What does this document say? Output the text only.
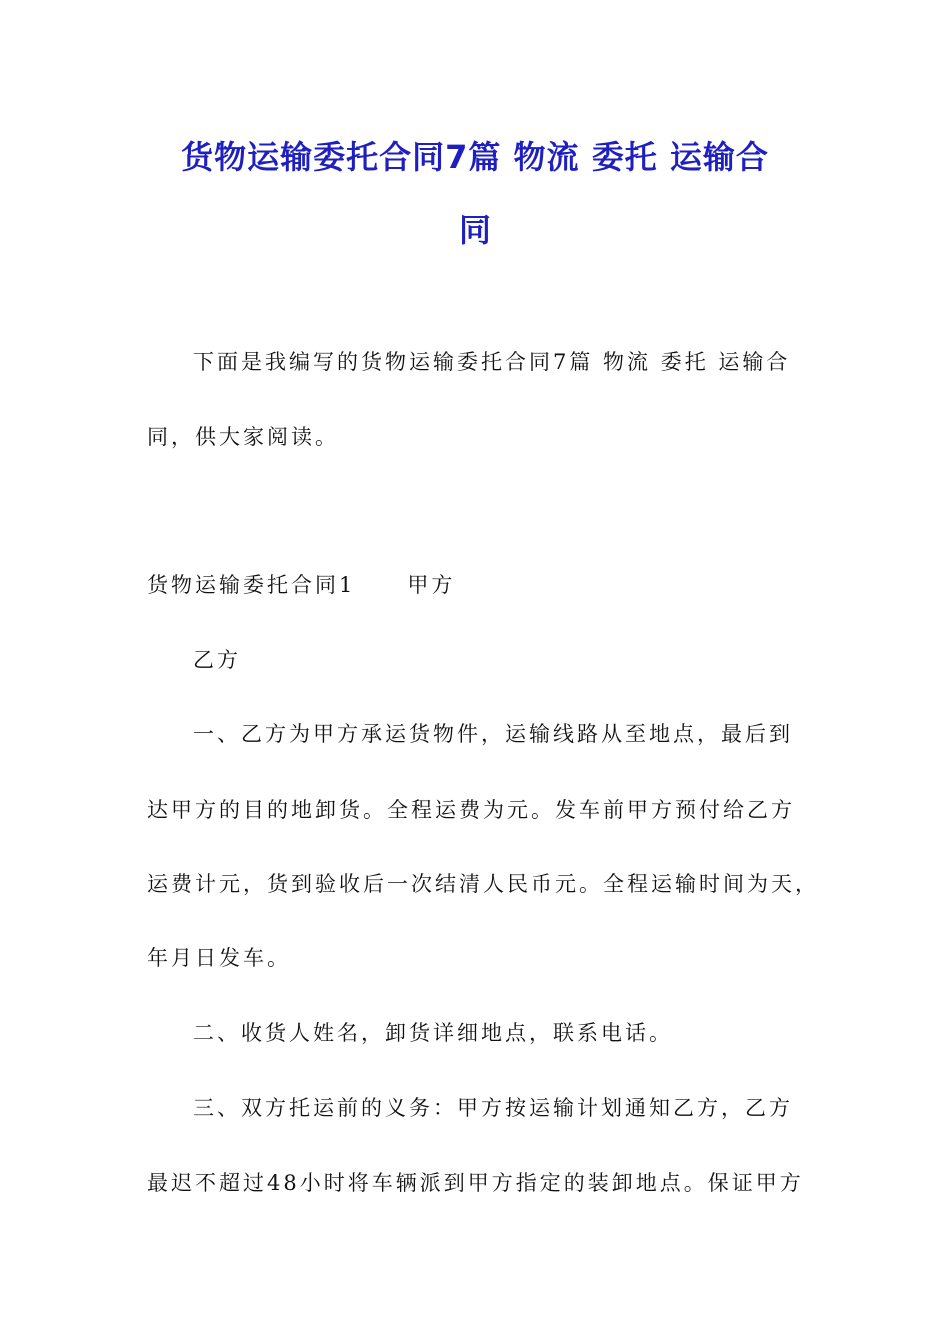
货物运输委托合同7篇 物流 委托 运输合
同
下面是我编写的货物运输委托合同7篇 物流 委托 运输合
同，供大家阅读。
货物运输委托合同1 甲方
乙方
一、乙方为甲方承运货物件，运输线路从至地点，最后到
达甲方的目的地卸货。全程运费为元。发车前甲方预付给乙方
运费计元，货到验收后一次结清人民币元。全程运输时间为天，
年月日发车。
二、收货人姓名，卸货详细地点，联系电话。
三、双方托运前的义务：甲方按运输计划通知乙方，乙方
最迟不超过48小时将车辆派到甲方指定的装卸地点。保证甲方
